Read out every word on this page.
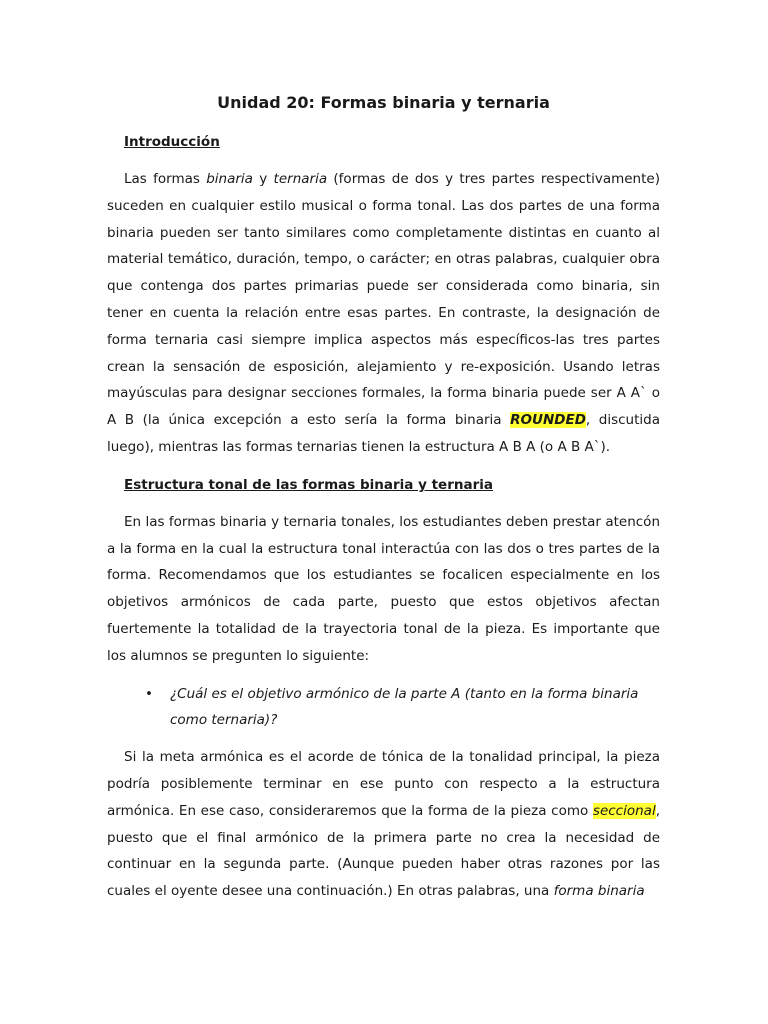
Unidad 20: Formas binaria y ternaria
Introducción

Las formas binaria y ternaria (formas de dos y tres partes respectivamente) suceden en cualquier estilo musical o forma tonal. Las dos partes de una forma binaria pueden ser tanto similares como completamente distintas en cuanto al material temático, duración, tempo, o carácter; en otras palabras, cualquier obra que contenga dos partes primarias puede ser considerada como binaria, sin tener en cuenta la relación entre esas partes. En contraste, la designación de forma ternaria casi siempre implica aspectos más específicos-las tres partes crean la sensación de esposición, alejamiento y re-exposición. Usando letras mayúsculas para designar secciones formales, la forma binaria puede ser A A` o A B (la única excepción a esto sería la forma binaria ROUNDED, discutida luego), mientras las formas ternarias tienen la estructura A B A (o A B A`).

Estructura tonal de las formas binaria y ternaria

En las formas binaria y ternaria tonales, los estudiantes deben prestar atencón a la forma en la cual la estructura tonal interactúa con las dos o tres partes de la forma. Recomendamos que los estudiantes se focalicen especialmente en los objetivos armónicos de cada parte, puesto que estos objetivos afectan fuertemente la totalidad de la trayectoria tonal de la pieza. Es importante que los alumnos se pregunten lo siguiente:

• ¿Cuál es el objetivo armónico de la parte A (tanto en la forma binaria como ternaria)?

Si la meta armónica es el acorde de tónica de la tonalidad principal, la pieza podría posiblemente terminar en ese punto con respecto a la estructura armónica. En ese caso, consideraremos que la forma de la pieza como seccional, puesto que el final armónico de la primera parte no crea la necesidad de continuar en la segunda parte. (Aunque pueden haber otras razones por las cuales el oyente desee una continuación.) En otras palabras, una forma binaria
